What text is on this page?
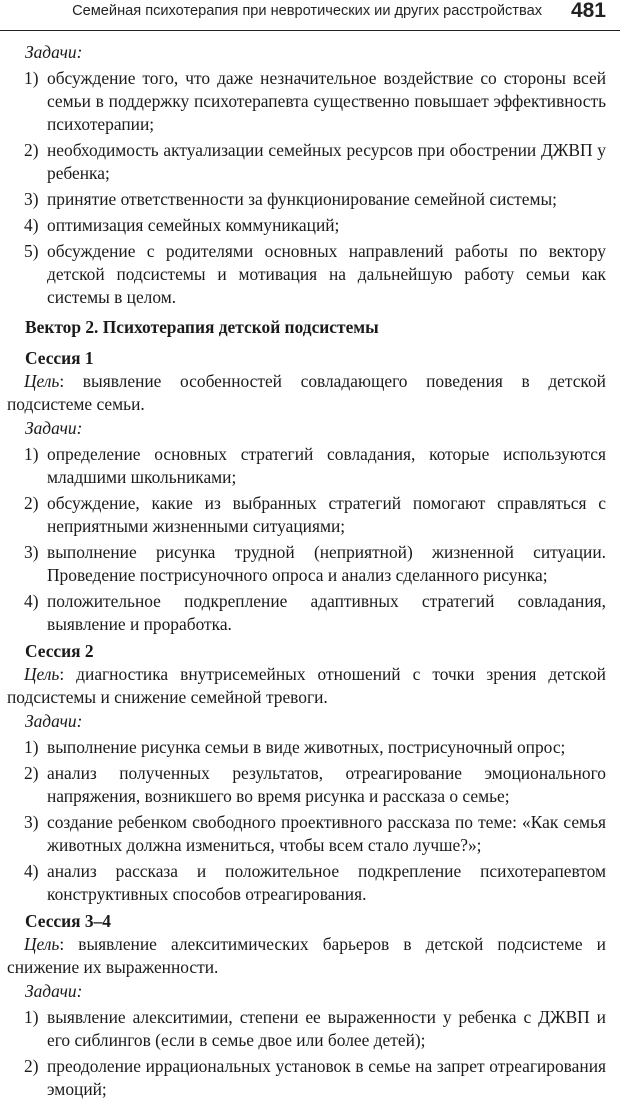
Семейная психотерапия при невротических ии других расстройствах 481
Задачи:
1) обсуждение того, что даже незначительное воздействие со стороны всей семьи в поддержку психотерапевта существенно повышает эффективность психотерапии;
2) необходимость актуализации семейных ресурсов при обострении ДЖВП у ребенка;
3) принятие ответственности за функционирование семейной системы;
4) оптимизация семейных коммуникаций;
5) обсуждение с родителями основных направлений работы по вектору детской подсистемы и мотивация на дальнейшую работу семьи как системы в целом.
Вектор 2. Психотерапия детской подсистемы
Сессия 1

Цель: выявление особенностей совладающего поведения в детской подсистеме семьи.

Задачи:
1) определение основных стратегий совладания, которые используются младшими школьниками;
2) обсуждение, какие из выбранных стратегий помогают справляться с неприятными жизненными ситуациями;
3) выполнение рисунка трудной (неприятной) жизненной ситуации. Проведение пострисуночного опроса и анализ сделанного рисунка;
4) положительное подкрепление адаптивных стратегий совладания, выявление и проработка.
Сессия 2

Цель: диагностика внутрисемейных отношений с точки зрения детской подсистемы и снижение семейной тревоги.

Задачи:
1) выполнение рисунка семьи в виде животных, пострисуночный опрос;
2) анализ полученных результатов, отреагирование эмоционального напряжения, возникшего во время рисунка и рассказа о семье;
3) создание ребенком свободного проективного рассказа по теме: «Как семья животных должна измениться, чтобы всем стало лучше?»;
4) анализ рассказа и положительное подкрепление психотерапевтом конструктивных способов отреагирования.
Сессия 3–4

Цель: выявление алекситимических барьеров в детской подсистеме и снижение их выраженности.

Задачи:
1) выявление алекситимии, степени ее выраженности у ребенка с ДЖВП и его сиблингов (если в семье двое или более детей);
2) преодоление иррациональных установок в семье на запрет отреагирования эмоций;
